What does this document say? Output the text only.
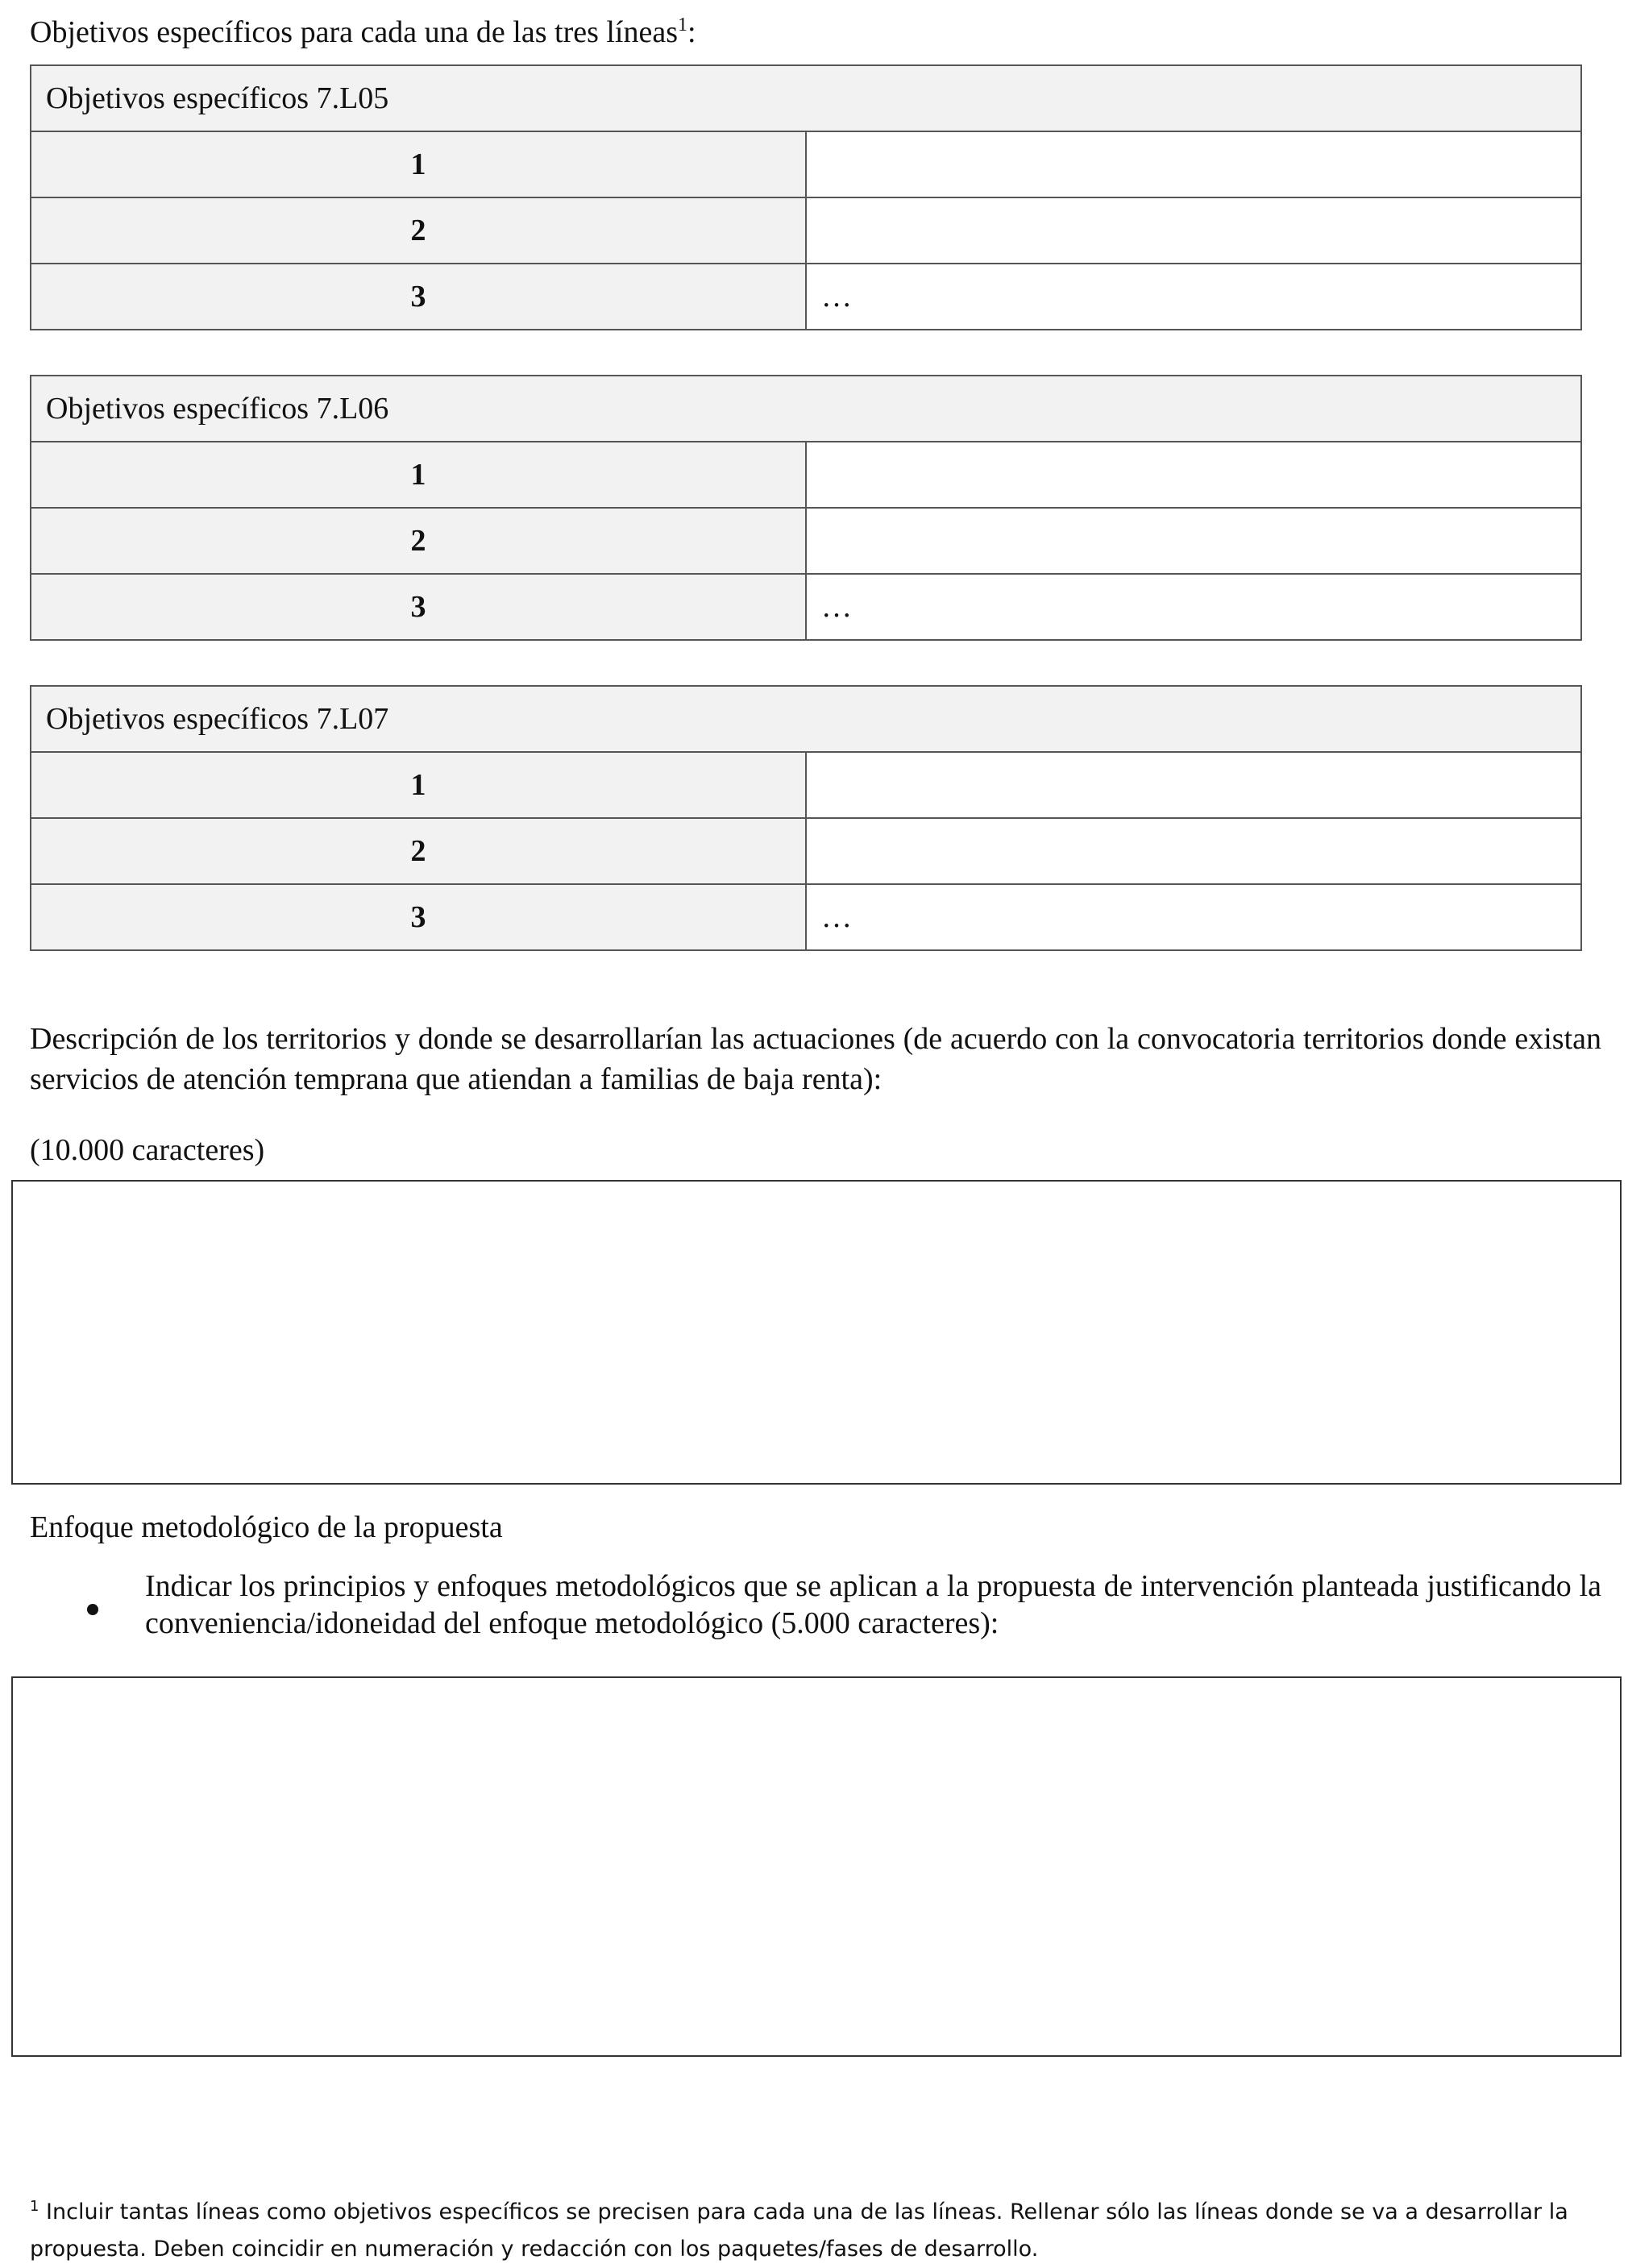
Objetivos específicos para cada una de las tres líneas$^1$:

Objetivos específicos 7.L05	
1	
2	
3	…
Objetivos específicos 7.L06	
1	
2	
3	…
Objetivos específicos 7.L07	
1	
2	
3	…

Descripción de los territorios y donde se desarrollarían las actuaciones (de acuerdo con la convocatoria territorios donde existan servicios de atención temprana que atiendan a familias de baja renta):

(10.000 caracteres)

Enfoque metodológico de la propuesta

Indicar los principios y enfoques metodológicos que se aplican a la propuesta de intervención planteada justificando la conveniencia/idoneidad del enfoque metodológico (5.000 caracteres):

$^1$ Incluir tantas líneas como objetivos específicos se precisen para cada una de las líneas. Rellenar sólo las líneas donde se va a desarrollar la propuesta. Deben coincidir en numeración y redacción con los paquetes/fases de desarrollo.
